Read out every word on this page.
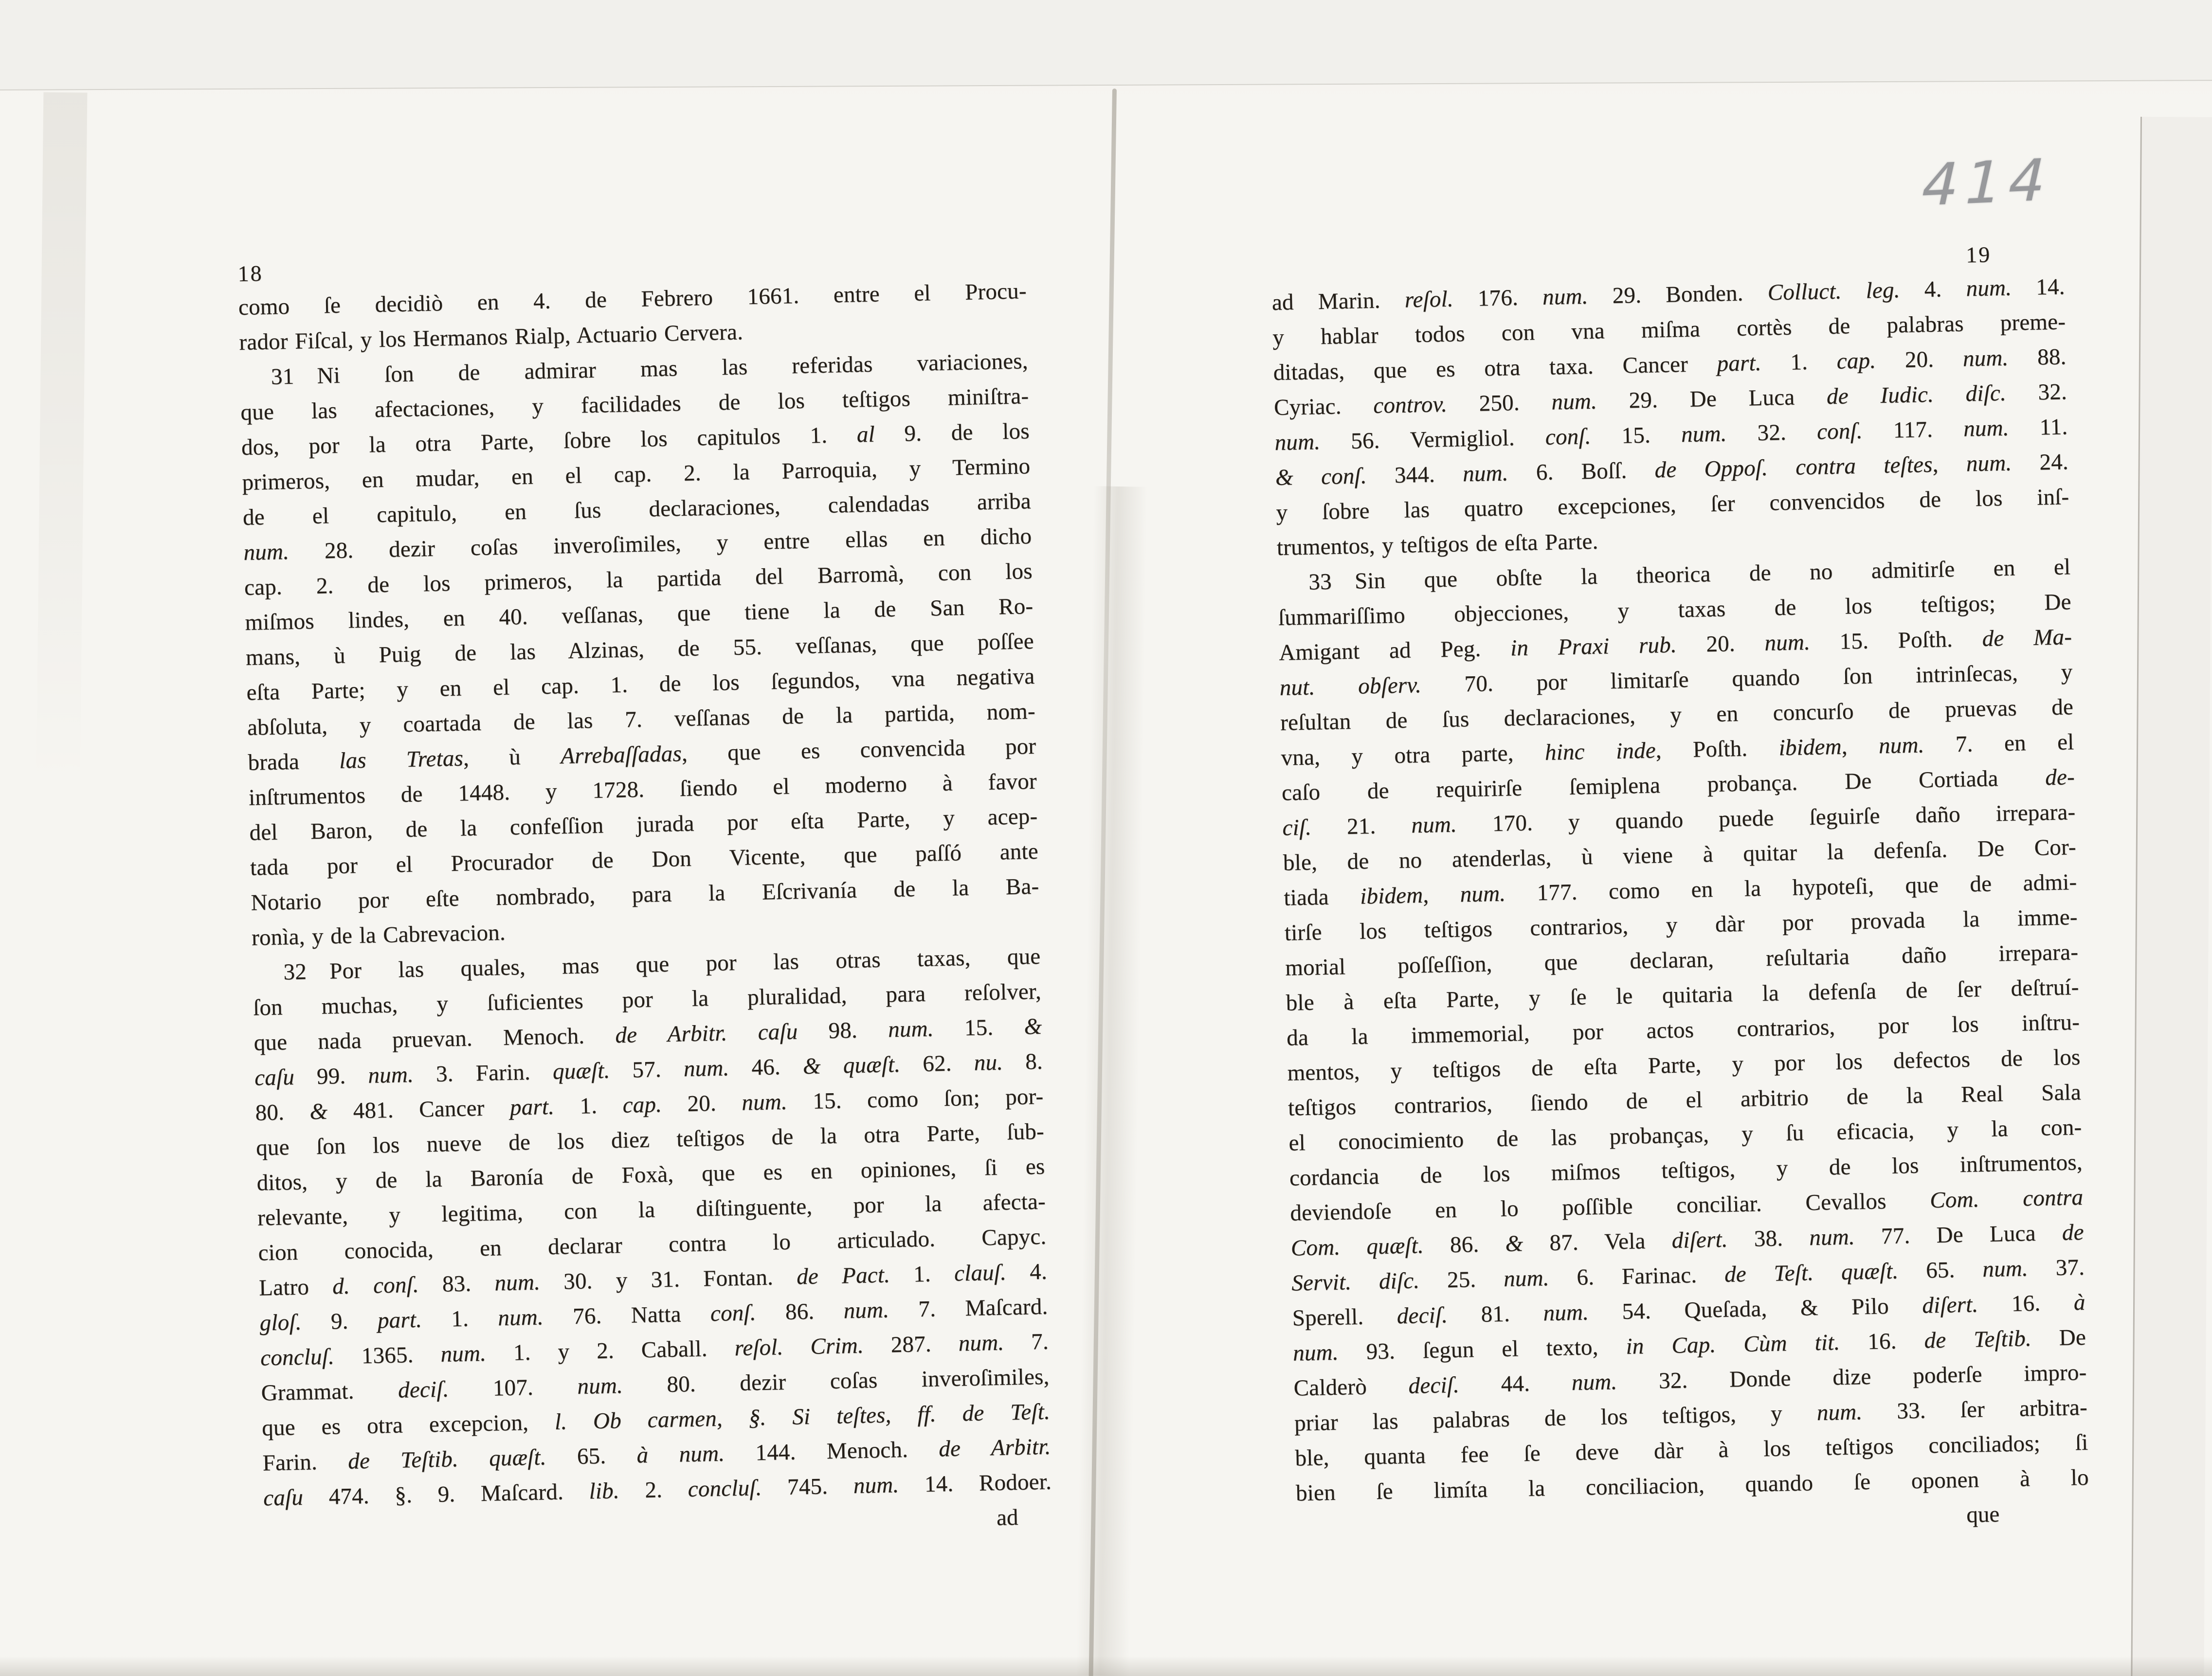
414
18
como ſe decidiò en 4. de Febrero 1661. entre el Procu-
rador Fiſcal, y los Hermanos Rialp, Actuario Cervera.
31 Ni ſon de admirar mas las referidas variaciones,
que las afectaciones, y facilidades de los teſtigos miniſtra-
dos, por la otra Parte, ſobre los capitulos 1. al 9. de los
primeros, en mudar, en el cap. 2. la Parroquia, y Termino
de el capitulo, en ſus declaraciones, calendadas arriba
num. 28. dezir coſas inveroſimiles, y entre ellas en dicho
cap. 2. de los primeros, la partida del Barromà, con los
miſmos lindes, en 40. veſſanas, que tiene la de San Ro-
mans, ù Puig de las Alzinas, de 55. veſſanas, que poſſee
eſta Parte; y en el cap. 1. de los ſegundos, vna negativa
abſoluta, y coartada de las 7. veſſanas de la partida, nom-
brada las Tretas, ù Arrebaſſadas, que es convencida por
inſtrumentos de 1448. y 1728. ſiendo el moderno à favor
del Baron, de la confeſſion jurada por eſta Parte, y acep-
tada por el Procurador de Don Vicente, que paſſó ante
Notario por eſte nombrado, para la Eſcrivanía de la Ba-
ronìa, y de la Cabrevacion.
32 Por las quales, mas que por las otras taxas, que
ſon muchas, y ſuficientes por la pluralidad, para reſolver,
que nada pruevan. Menoch. de Arbitr. caſu 98. num. 15. &
caſu 99. num. 3. Farin. quæſt. 57. num. 46. & quæſt. 62. nu. 8.
80. & 481. Cancer part. 1. cap. 20. num. 15. como ſon; por-
que ſon los nueve de los diez teſtigos de la otra Parte, ſub-
ditos, y de la Baronía de Foxà, que es en opiniones, ſi es
relevante, y legitima, con la diſtinguente, por la afecta-
cion conocida, en declarar contra lo articulado. Capyc.
Latro d. conſ. 83. num. 30. y 31. Fontan. de Pact. 1. clauſ. 4.
gloſ. 9. part. 1. num. 76. Natta conſ. 86. num. 7. Maſcard.
concluſ. 1365. num. 1. y 2. Caball. reſol. Crim. 287. num. 7.
Grammat. deciſ. 107. num. 80. dezir coſas inveroſimiles,
que es otra excepcion, l. Ob carmen, §. Si teſtes, ff. de Teſt.
Farin. de Teſtib. quæſt. 65. à num. 144. Menoch. de Arbitr.
caſu 474. §. 9. Maſcard. lib. 2. concluſ. 745. num. 14. Rodoer.
ad
19
ad Marin. reſol. 176. num. 29. Bonden. Colluct. leg. 4. num. 14.
y hablar todos con vna miſma cortès de palabras preme-
ditadas, que es otra taxa. Cancer part. 1. cap. 20. num. 88.
Cyriac. controv. 250. num. 29. De Luca de Iudic. diſc. 32.
num. 56. Vermigliol. conſ. 15. num. 32. conſ. 117. num. 11.
& conſ. 344. num. 6. Boſſ. de Oppoſ. contra teſtes, num. 24.
y ſobre las quatro excepciones, ſer convencidos de los inſ-
trumentos, y teſtigos de eſta Parte.
33 Sin que obſte la theorica de no admitirſe en el
ſummariſſimo objecciones, y taxas de los teſtigos; De
Amigant ad Peg. in Praxi rub. 20. num. 15. Poſth. de Ma-
nut. obſerv. 70. por limitarſe quando ſon intrinſecas, y
reſultan de ſus declaraciones, y en concurſo de pruevas de
vna, y otra parte, hinc inde, Poſth. ibidem, num. 7. en el
caſo de requirirſe ſemiplena probança. De Cortiada de-
ciſ. 21. num. 170. y quando puede ſeguirſe daño irrepara-
ble, de no atenderlas, ù viene à quitar la defenſa. De Cor-
tiada ibidem, num. 177. como en la hypoteſi, que de admi-
tirſe los teſtigos contrarios, y dàr por provada la imme-
morial poſſeſſion, que declaran, reſultaria daño irrepara-
ble à eſta Parte, y ſe le quitaria la defenſa de ſer deſtruí-
da la immemorial, por actos contrarios, por los inſtru-
mentos, y teſtigos de eſta Parte, y por los defectos de los
teſtigos contrarios, ſiendo de el arbitrio de la Real Sala
el conocimiento de las probanças, y ſu eficacia, y la con-
cordancia de los miſmos teſtigos, y de los inſtrumentos,
deviendoſe en lo poſſible conciliar. Cevallos Com. contra
Com. quæſt. 86. & 87. Vela diſert. 38. num. 77. De Luca de
Servit. diſc. 25. num. 6. Farinac. de Teſt. quæſt. 65. num. 37.
Sperell. deciſ. 81. num. 54. Queſada, & Pilo diſert. 16. à
num. 93. ſegun el texto, in Cap. Cùm tit. 16. de Teſtib. De
Calderò deciſ. 44. num. 32. Donde dize poderſe impro-
priar las palabras de los teſtigos, y num. 33. ſer arbitra-
ble, quanta fee ſe deve dàr à los teſtigos conciliados; ſi
bien ſe limíta la conciliacion, quando ſe oponen à lo
que
